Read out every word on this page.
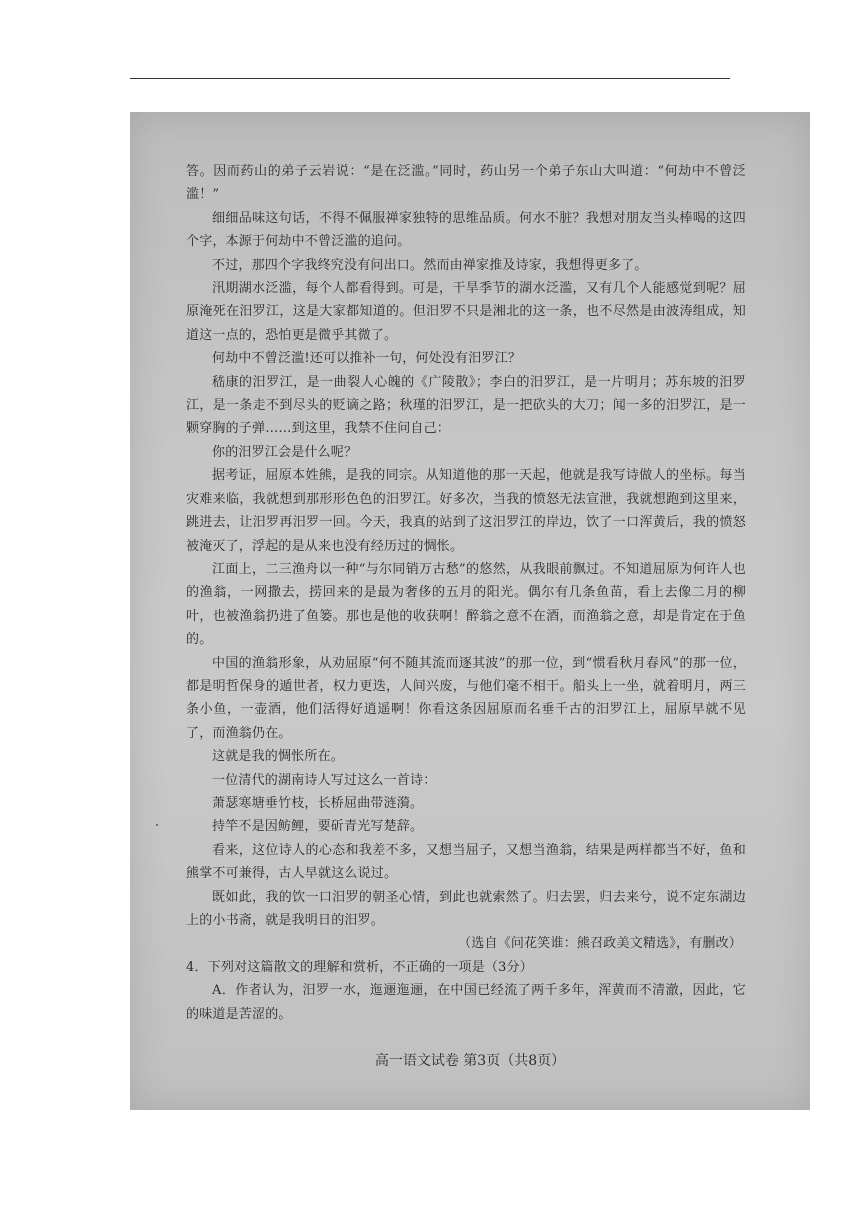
答。因而药山的弟子云岩说：“是在泛滥。”同时，药山另一个弟子东山大叫道：“何劫中不曾泛滥！”

细细品味这句话，不得不佩服禅家独特的思维品质。何水不脏？我想对朋友当头棒喝的这四个字，本源于何劫中不曾泛滥的追问。

不过，那四个字我终究没有问出口。然而由禅家推及诗家，我想得更多了。

汛期湖水泛滥，每个人都看得到。可是，干旱季节的湖水泛滥，又有几个人能感觉到呢？屈原淹死在汨罗江，这是大家都知道的。但汨罗不只是湘北的这一条，也不尽然是由波涛组成，知道这一点的，恐怕更是微乎其微了。

何劫中不曾泛滥!还可以推补一句，何处没有汨罗江？

嵇康的汨罗江，是一曲裂人心魄的《广陵散》；李白的汨罗江，是一片明月；苏东坡的汨罗江，是一条走不到尽头的贬谪之路；秋瑾的汨罗江，是一把砍头的大刀；闻一多的汨罗江，是一颗穿胸的子弹……到这里，我禁不住问自己：

你的汨罗江会是什么呢？

据考证，屈原本姓熊，是我的同宗。从知道他的那一天起，他就是我写诗做人的坐标。每当灾难来临，我就想到那形形色色的汨罗江。好多次，当我的愤怒无法宣泄，我就想跑到这里来，跳进去，让汨罗再汨罗一回。今天，我真的站到了这汨罗江的岸边，饮了一口浑黄后，我的愤怒被淹灭了，浮起的是从来也没有经历过的惆怅。

江面上，二三渔舟以一种“与尔同销万古愁”的悠然，从我眼前飘过。不知道屈原为何许人也的渔翁，一网撒去，捞回来的是最为奢侈的五月的阳光。偶尔有几条鱼苗，看上去像二月的柳叶，也被渔翁扔进了鱼篓。那也是他的收获啊！醉翁之意不在酒，而渔翁之意，却是肯定在于鱼的。

中国的渔翁形象，从劝屈原“何不随其流而逐其波”的那一位，到“惯看秋月春风”的那一位，都是明哲保身的遁世者，权力更迭，人间兴废，与他们毫不相干。船头上一坐，就着明月，两三条小鱼，一壶酒，他们活得好逍遥啊！你看这条因屈原而名垂千古的汨罗江上，屈原早就不见了，而渔翁仍在。

这就是我的惆怅所在。

一位清代的湖南诗人写过这么一首诗：

萧瑟寒塘垂竹枝，长桥屈曲带涟漪。

持竿不是因鲂鲤，要斫青光写楚辞。

看来，这位诗人的心态和我差不多，又想当屈子，又想当渔翁，结果是两样都当不好，鱼和熊掌不可兼得，古人早就这么说过。

既如此，我的饮一口汨罗的朝圣心情，到此也就索然了。归去罢，归去来兮，说不定东湖边上的小书斋，就是我明日的汨罗。

（选自《问花笑谁：熊召政美文精选》，有删改）

4．下列对这篇散文的理解和赏析，不正确的一项是（3分）

A．作者认为，汨罗一水，迤逦迤逦，在中国已经流了两千多年，浑黄而不清澈，因此，它的味道是苦涩的。

高一语文试卷 第3页（共8页）
